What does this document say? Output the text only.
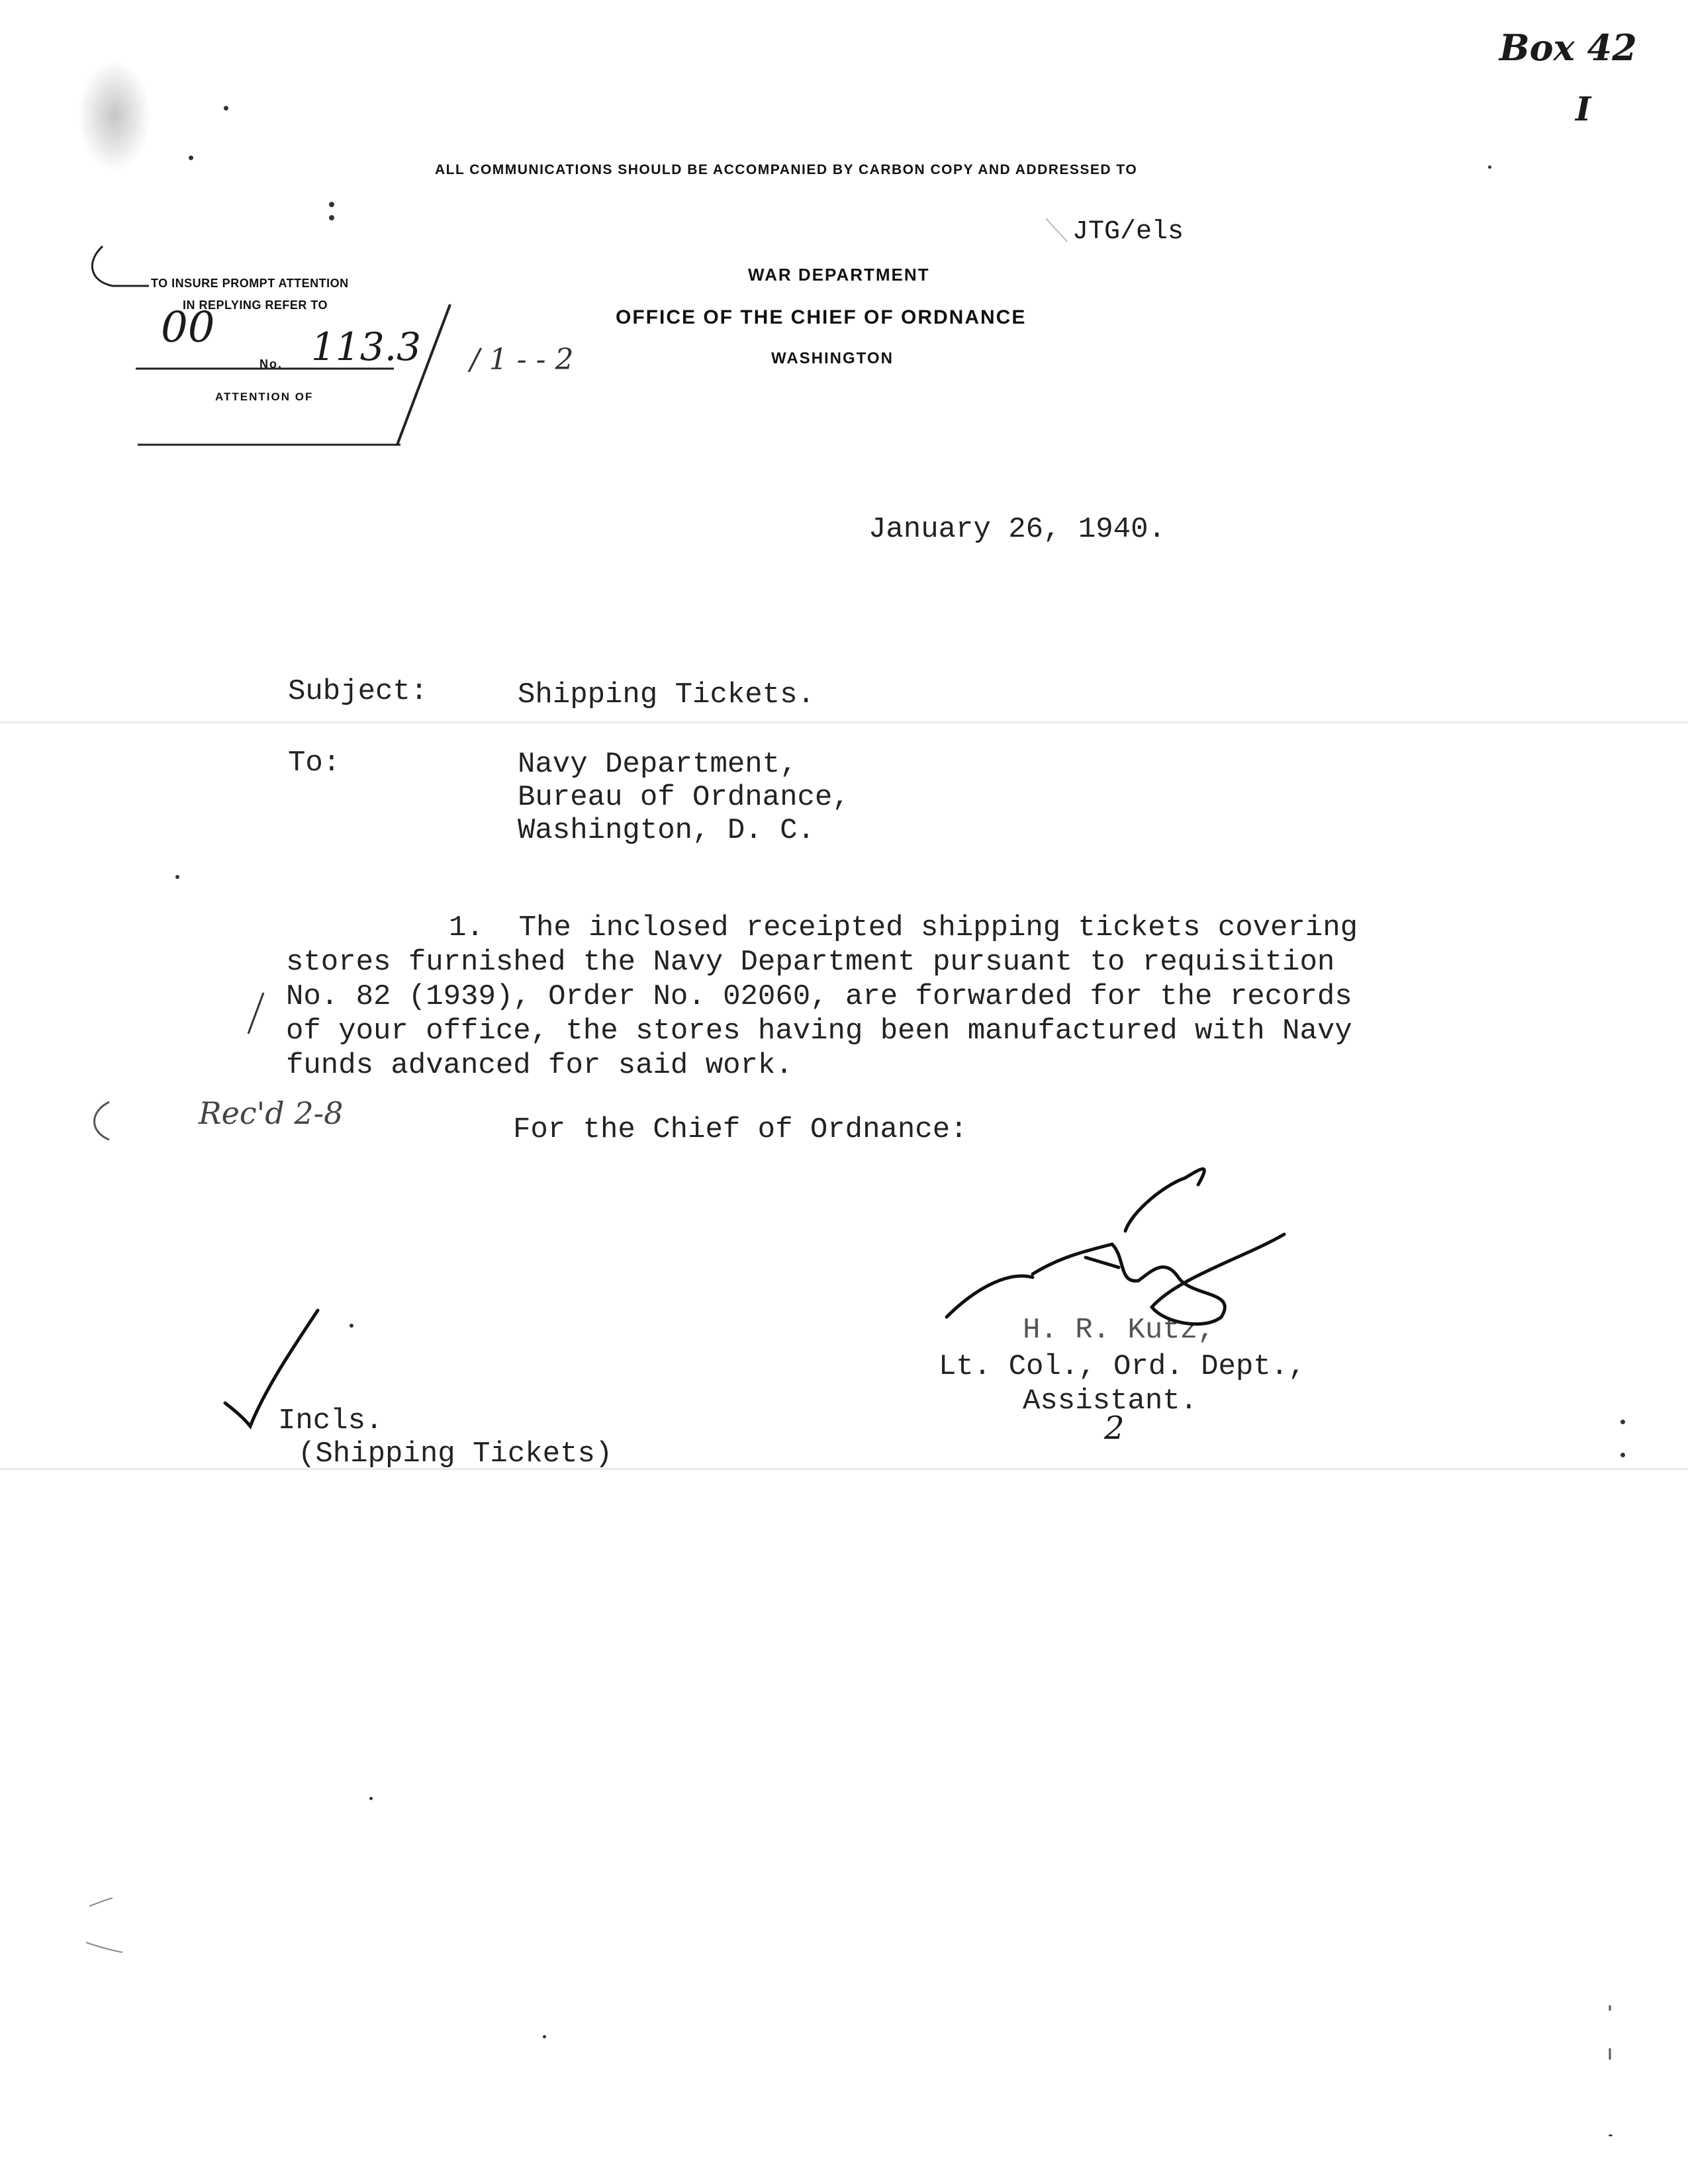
Box 42
I
ALL COMMUNICATIONS SHOULD BE ACCOMPANIED BY CARBON COPY AND ADDRESSED TO
JTG/els
WAR DEPARTMENT
OFFICE OF THE CHIEF OF ORDNANCE
WASHINGTON
TO INSURE PROMPT ATTENTION
IN REPLYING REFER TO
00
No. 113.3 / 1 - - 2
ATTENTION OF
January 26, 1940.
Subject:	Shipping Tickets.
To:	Navy Department,
Bureau of Ordnance,
Washington, D. C.
1.  The inclosed receipted shipping tickets covering
stores furnished the Navy Department pursuant to requisition
No. 82 (1939), Order No. 02060, are forwarded for the records
of your office, the stores having been manufactured with Navy
funds advanced for said work.
Rec'd 2-8	For the Chief of Ordnance:
H. R. Kutz,
Lt. Col., Ord. Dept.,
Assistant.
2
Incls.
(Shipping Tickets)
